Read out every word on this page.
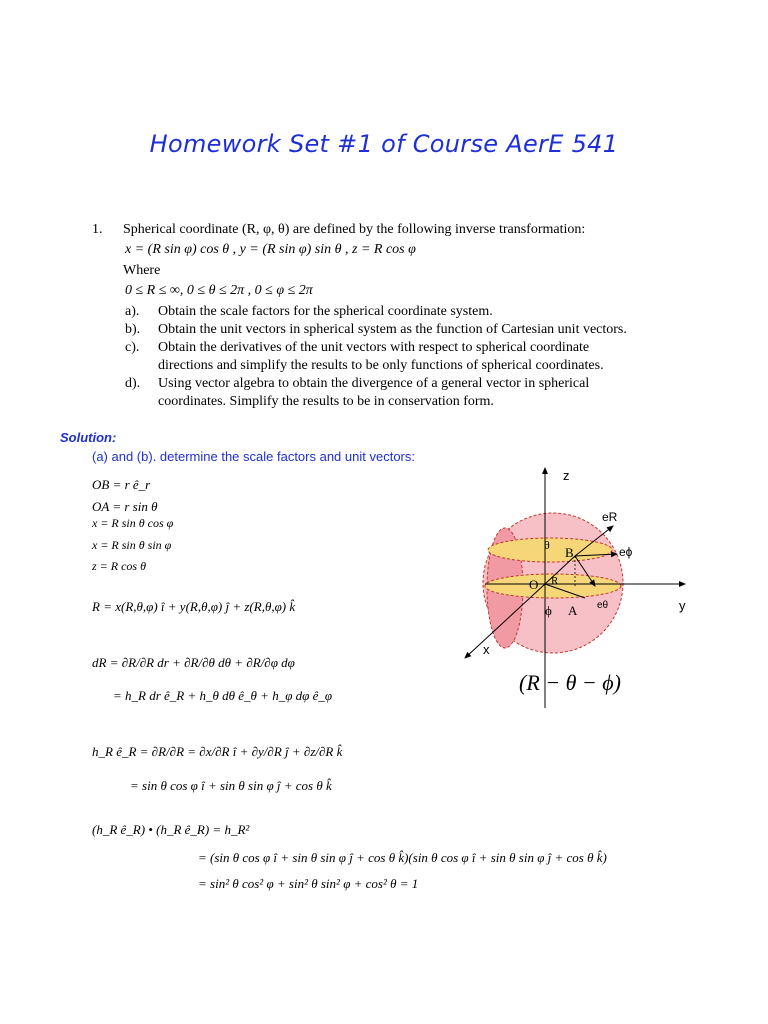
Homework Set #1 of Course AerE 541
1. Spherical coordinate (R, φ, θ) are defined by the following inverse transformation:
x = (R sin φ) cos θ , y = (R sin φ) sin θ , z = R cos φ
Where
0 ≤ R ≤ ∞, 0 ≤ θ ≤ 2π , 0 ≤ φ ≤ 2π
a). Obtain the scale factors for the spherical coordinate system.
b). Obtain the unit vectors in spherical system as the function of Cartesian unit vectors.
c). Obtain the derivatives of the unit vectors with respect to spherical coordinate
directions and simplify the results to be only functions of spherical coordinates.
d). Using vector algebra to obtain the divergence of a general vector in spherical
coordinates. Simplify the results to be in conservation form.
Solution:
(a) and (b). determine the scale factors and unit vectors:
OB = r ê_r
OA = r sin θ
x = R sin θ cos φ
x = R sin θ sin φ
z = R cos θ
R = x(R,θ,φ) î + y(R,θ,φ) ĵ + z(R,θ,φ) k̂
dR = ∂R/∂R dr + ∂R/∂θ dθ + ∂R/∂φ dφ
= h_R dr ê_R + h_θ dθ ê_θ + h_φ dφ ê_φ
h_R ê_R = ∂R/∂R = ∂x/∂R î + ∂y/∂R ĵ + ∂z/∂R k̂
= sin θ cos φ î + sin θ sin φ ĵ + cos θ k̂
(h_R ê_R) • (h_R ê_R) = h_R²
= (sin θ cos φ î + sin θ sin φ ĵ + cos θ k̂)(sin θ cos φ î + sin θ sin φ ĵ + cos θ k̂)
= sin² θ cos² φ + sin² θ sin² φ + cos² θ = 1
z
y
x
eR
eϕ
eθ
θ B
O R
ϕ A
(R − θ − ϕ)
